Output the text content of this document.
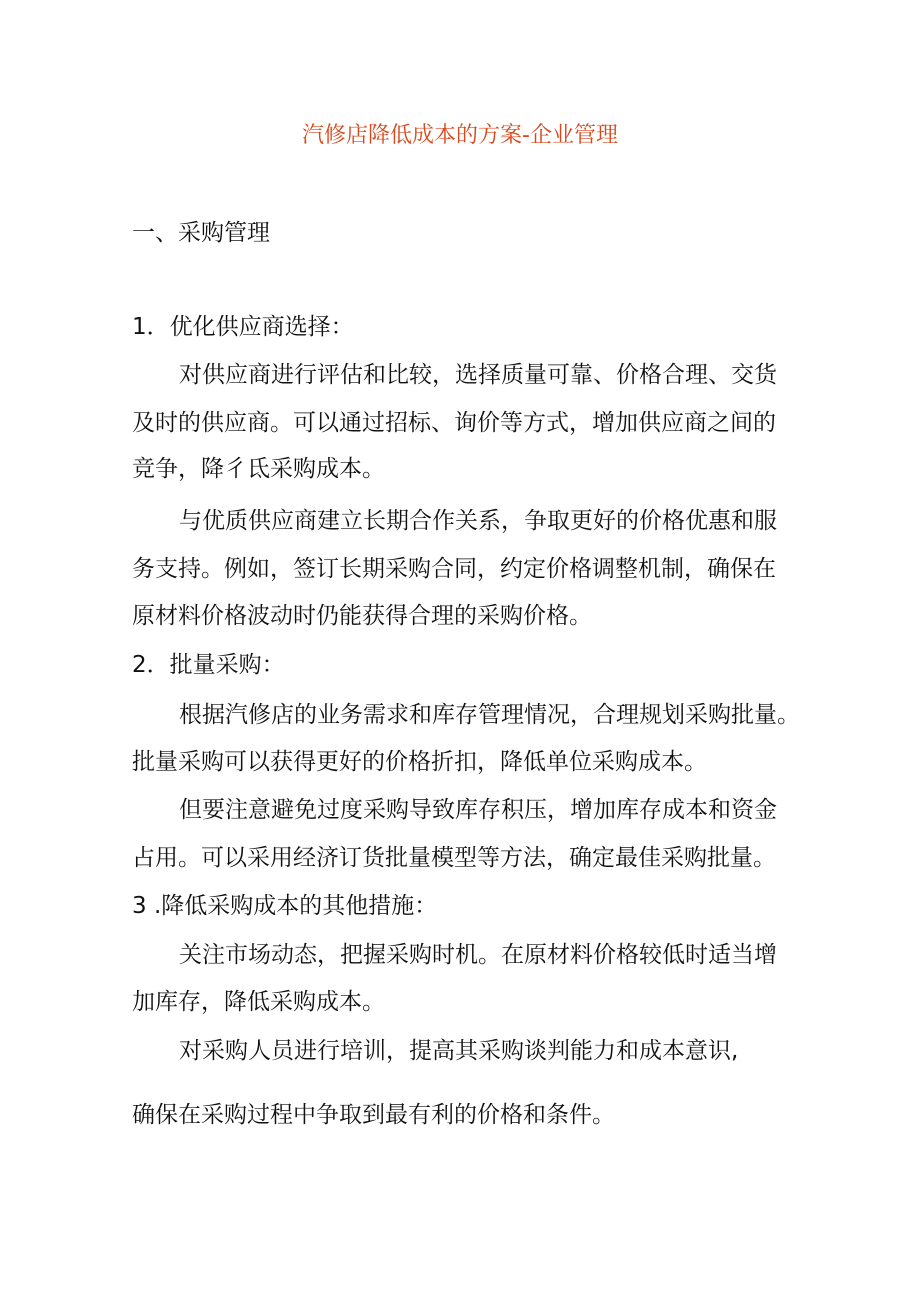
汽修店降低成本的方案-企业管理
一、采购管理
1．优化供应商选择：
对供应商进行评估和比较，选择质量可靠、价格合理、交货
及时的供应商。可以通过招标、询价等方式，增加供应商之间的
竞争，降彳氐采购成本。
与优质供应商建立长期合作关系，争取更好的价格优惠和服
务支持。例如，签订长期采购合同，约定价格调整机制，确保在
原材料价格波动时仍能获得合理的采购价格。
2．批量采购：
根据汽修店的业务需求和库存管理情况，合理规划采购批量。
批量采购可以获得更好的价格折扣，降低单位采购成本。
但要注意避免过度采购导致库存积压，增加库存成本和资金
占用。可以采用经济订货批量模型等方法，确定最佳采购批量。
3 .降低采购成本的其他措施：
关注市场动态，把握采购时机。在原材料价格较低时适当增
加库存，降低采购成本。
对采购人员进行培训，提高其采购谈判能力和成本意识,
确保在采购过程中争取到最有利的价格和条件。
